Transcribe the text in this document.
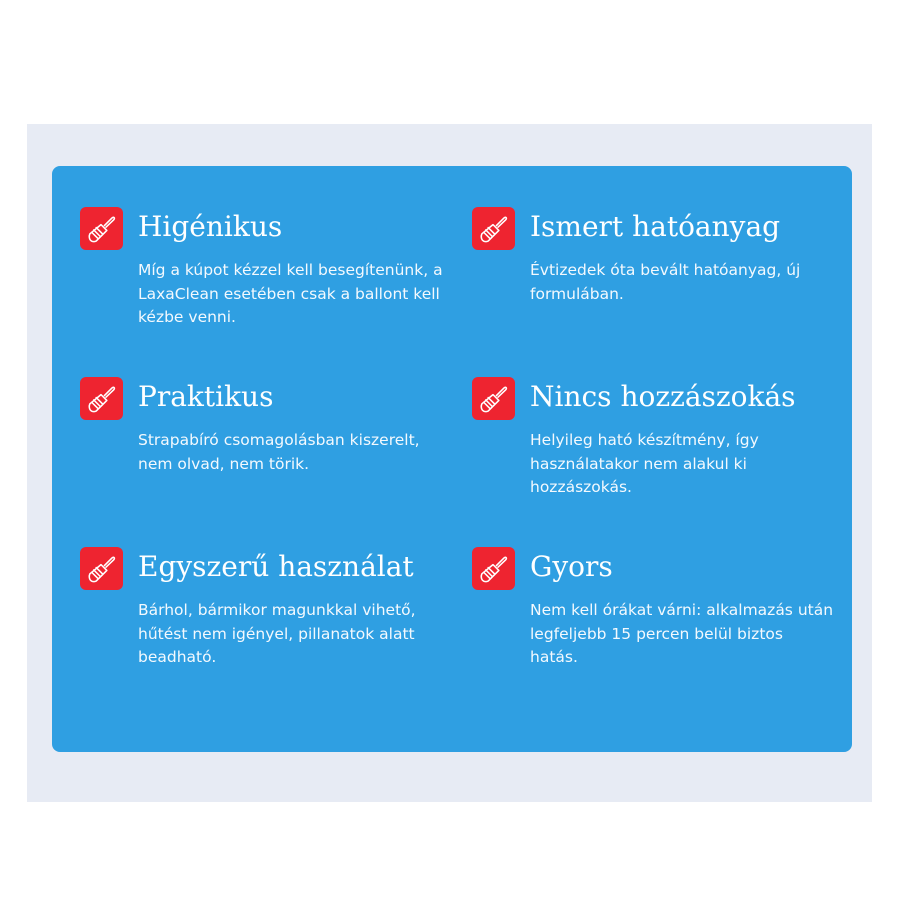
Higénikus

Míg a kúpot kézzel kell besegítenünk, a LaxaClean esetében csak a ballont kell kézbe venni.

Ismert hatóanyag

Évtizedek óta bevált hatóanyag, új formulában.

Praktikus

Strapabíró csomagolásban kiszerelt, nem olvad, nem törik.

Nincs hozzászokás

Helyileg ható készítmény, így használatakor nem alakul ki hozzászokás.

Egyszerű használat

Bárhol, bármikor magunkkal vihető, hűtést nem igényel, pillanatok alatt beadható.

Gyors

Nem kell órákat várni: alkalmazás után legfeljebb 15 percen belül biztos hatás.
